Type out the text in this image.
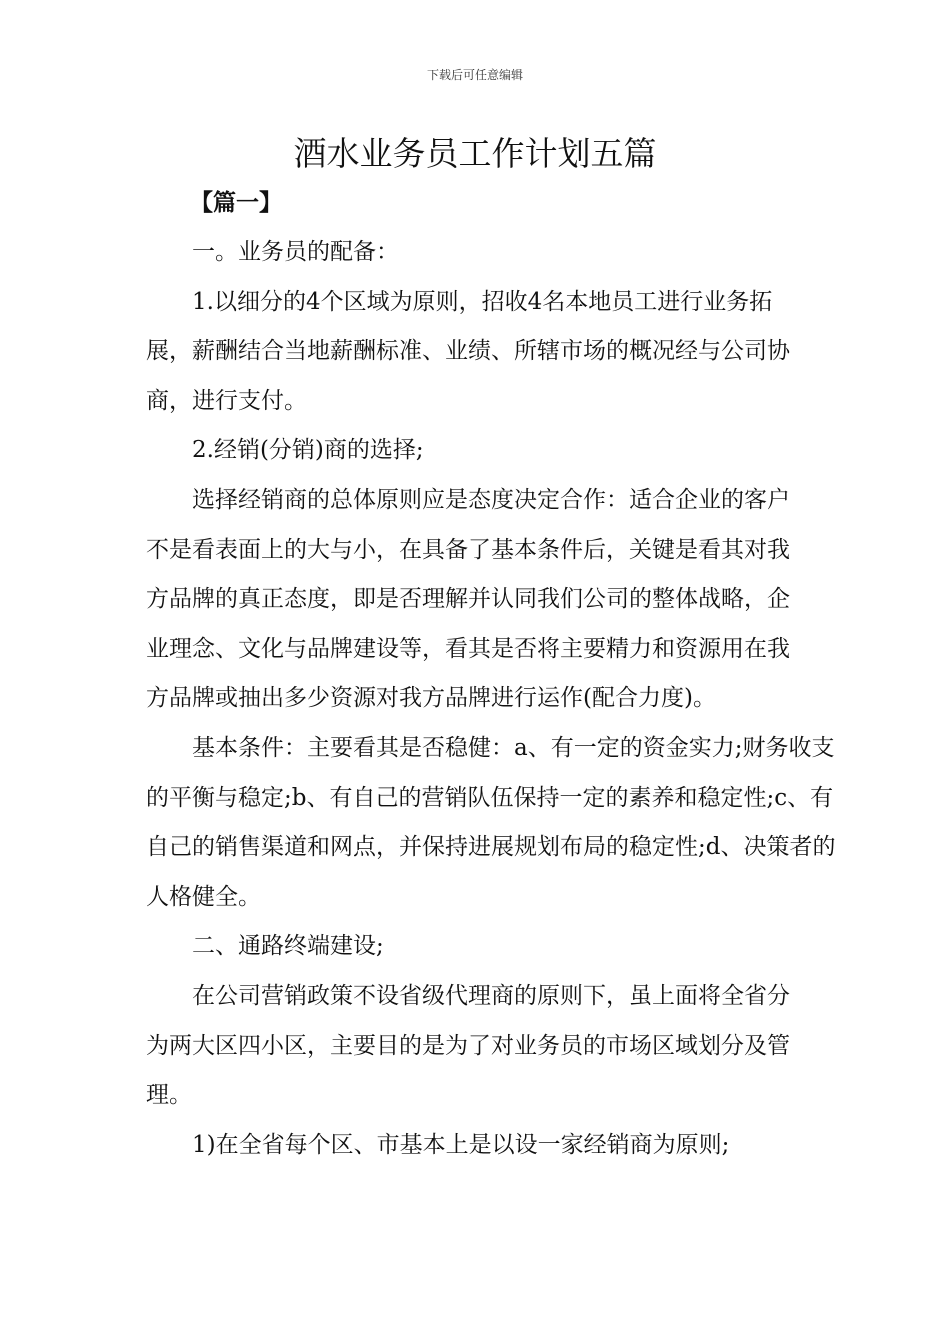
下载后可任意编辑
酒水业务员工作计划五篇
【篇一】

一。业务员的配备：

1.以细分的4个区域为原则，招收4名本地员工进行业务拓展，薪酬结合当地薪酬标准、业绩、所辖市场的概况经与公司协商，进行支付。

2.经销(分销)商的选择;

选择经销商的总体原则应是态度决定合作：适合企业的客户不是看表面上的大与小，在具备了基本条件后，关键是看其对我方品牌的真正态度，即是否理解并认同我们公司的整体战略，企业理念、文化与品牌建设等，看其是否将主要精力和资源用在我方品牌或抽出多少资源对我方品牌进行运作(配合力度)。

基本条件：主要看其是否稳健：a、有一定的资金实力;财务收支的平衡与稳定;b、有自己的营销队伍保持一定的素养和稳定性;c、有自己的销售渠道和网点，并保持进展规划布局的稳定性;d、决策者的人格健全。

二、通路终端建设;

在公司营销政策不设省级代理商的原则下，虽上面将全省分为两大区四小区，主要目的是为了对业务员的市场区域划分及管理。

1)在全省每个区、市基本上是以设一家经销商为原则;
